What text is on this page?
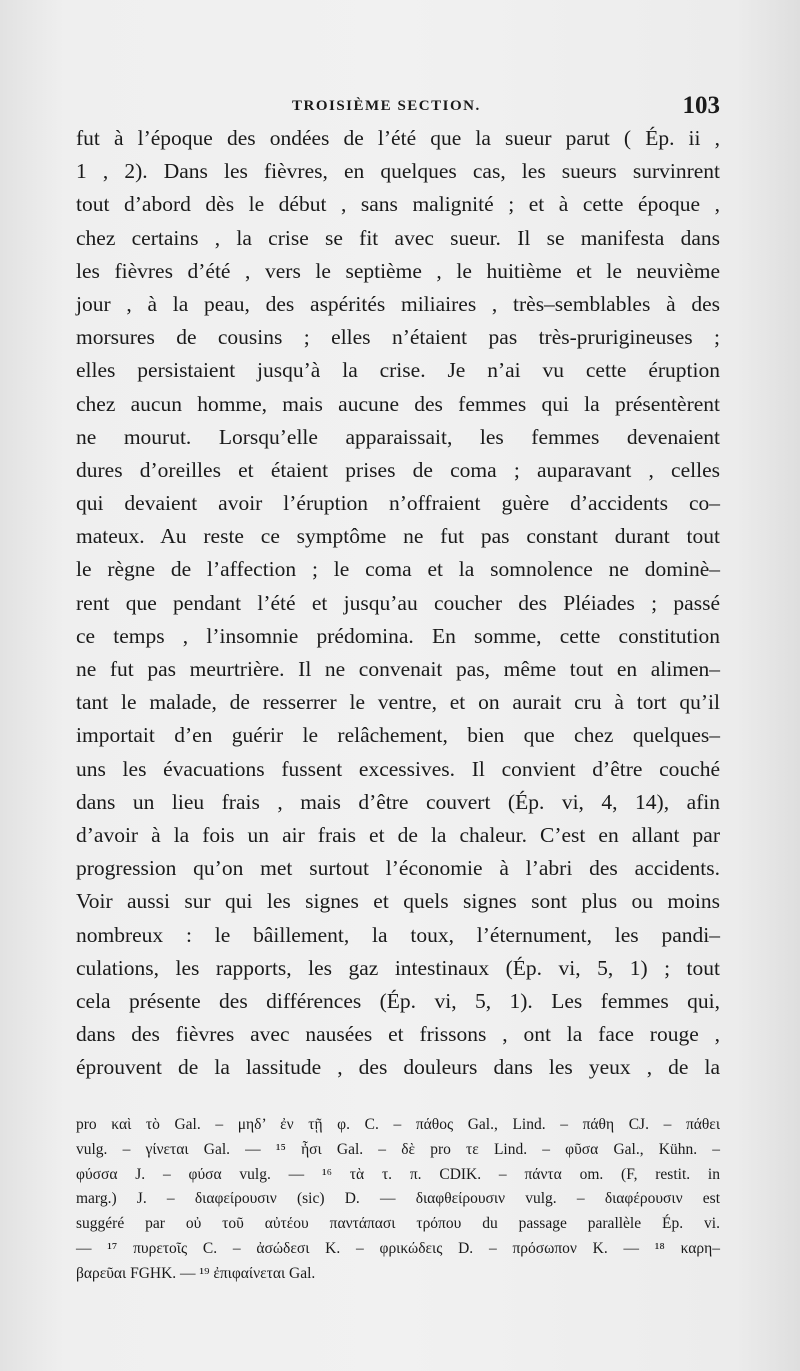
TROISIÈME SECTION.	103
fut à l’époque des ondées de l’été que la sueur parut ( Ép. ii ,
1 , 2). Dans les fièvres, en quelques cas, les sueurs survinrent
tout d’abord dès le début , sans malignité ; et à cette époque ,
chez certains , la crise se fit avec sueur. Il se manifesta dans
les fièvres d’été , vers le septième , le huitième et le neuvième
jour , à la peau, des aspérités miliaires , très–semblables à des
morsures de cousins ; elles n’étaient pas très-prurigineuses ;
elles persistaient jusqu’à la crise. Je n’ai vu cette éruption
chez aucun homme, mais aucune des femmes qui la présentèrent
ne mourut. Lorsqu’elle apparaissait, les femmes devenaient
dures d’oreilles et étaient prises de coma ; auparavant , celles
qui devaient avoir l’éruption n’offraient guère d’accidents co–
mateux. Au reste ce symptôme ne fut pas constant durant tout
le règne de l’affection ; le coma et la somnolence ne dominè–
rent que pendant l’été et jusqu’au coucher des Pléiades ; passé
ce temps , l’insomnie prédomina. En somme, cette constitution
ne fut pas meurtrière. Il ne convenait pas, même tout en alimen–
tant le malade, de resserrer le ventre, et on aurait cru à tort qu’il
importait d’en guérir le relâchement, bien que chez quelques–
uns les évacuations fussent excessives. Il convient d’être couché
dans un lieu frais , mais d’être couvert (Ép. vi, 4, 14), afin
d’avoir à la fois un air frais et de la chaleur. C’est en allant par
progression qu’on met surtout l’économie à l’abri des accidents.
Voir aussi sur qui les signes et quels signes sont plus ou moins
nombreux : le bâillement, la toux, l’éternument, les pandi–
culations, les rapports, les gaz intestinaux (Ép. vi, 5, 1) ; tout
cela présente des différences (Ép. vi, 5, 1). Les femmes qui,
dans des fièvres avec nausées et frissons , ont la face rouge ,
éprouvent de la lassitude , des douleurs dans les yeux , de la
pro καὶ τὸ Gal. – μηδ’ ἐν τῇ φ. C. – πάθος Gal., Lind. – πάθη CJ. – πάθει
vulg. – γίνεται Gal. — ¹⁵ ἦσι Gal. – δὲ pro τε Lind. – φῦσα Gal., Kühn. –
φύσσα J. – φύσα vulg. — ¹⁶ τὰ τ. π. CDIK. – πάντα om. (F, restit. in
marg.) J. – διαφείρουσιν (sic) D. — διαφθείρουσιν vulg. – διαφέρουσιν est
suggéré par οὐ τοῦ αὐτέου παντάπασι τρόπου du passage parallèle Ép. vi.
— ¹⁷ πυρετοῖς C. – ἀσώδεσι K. – φρικώδεις D. – πρόσωπον K. — ¹⁸ καρη–
βαρεῦαι FGHK. — ¹⁹ ἐπιφαίνεται Gal.
